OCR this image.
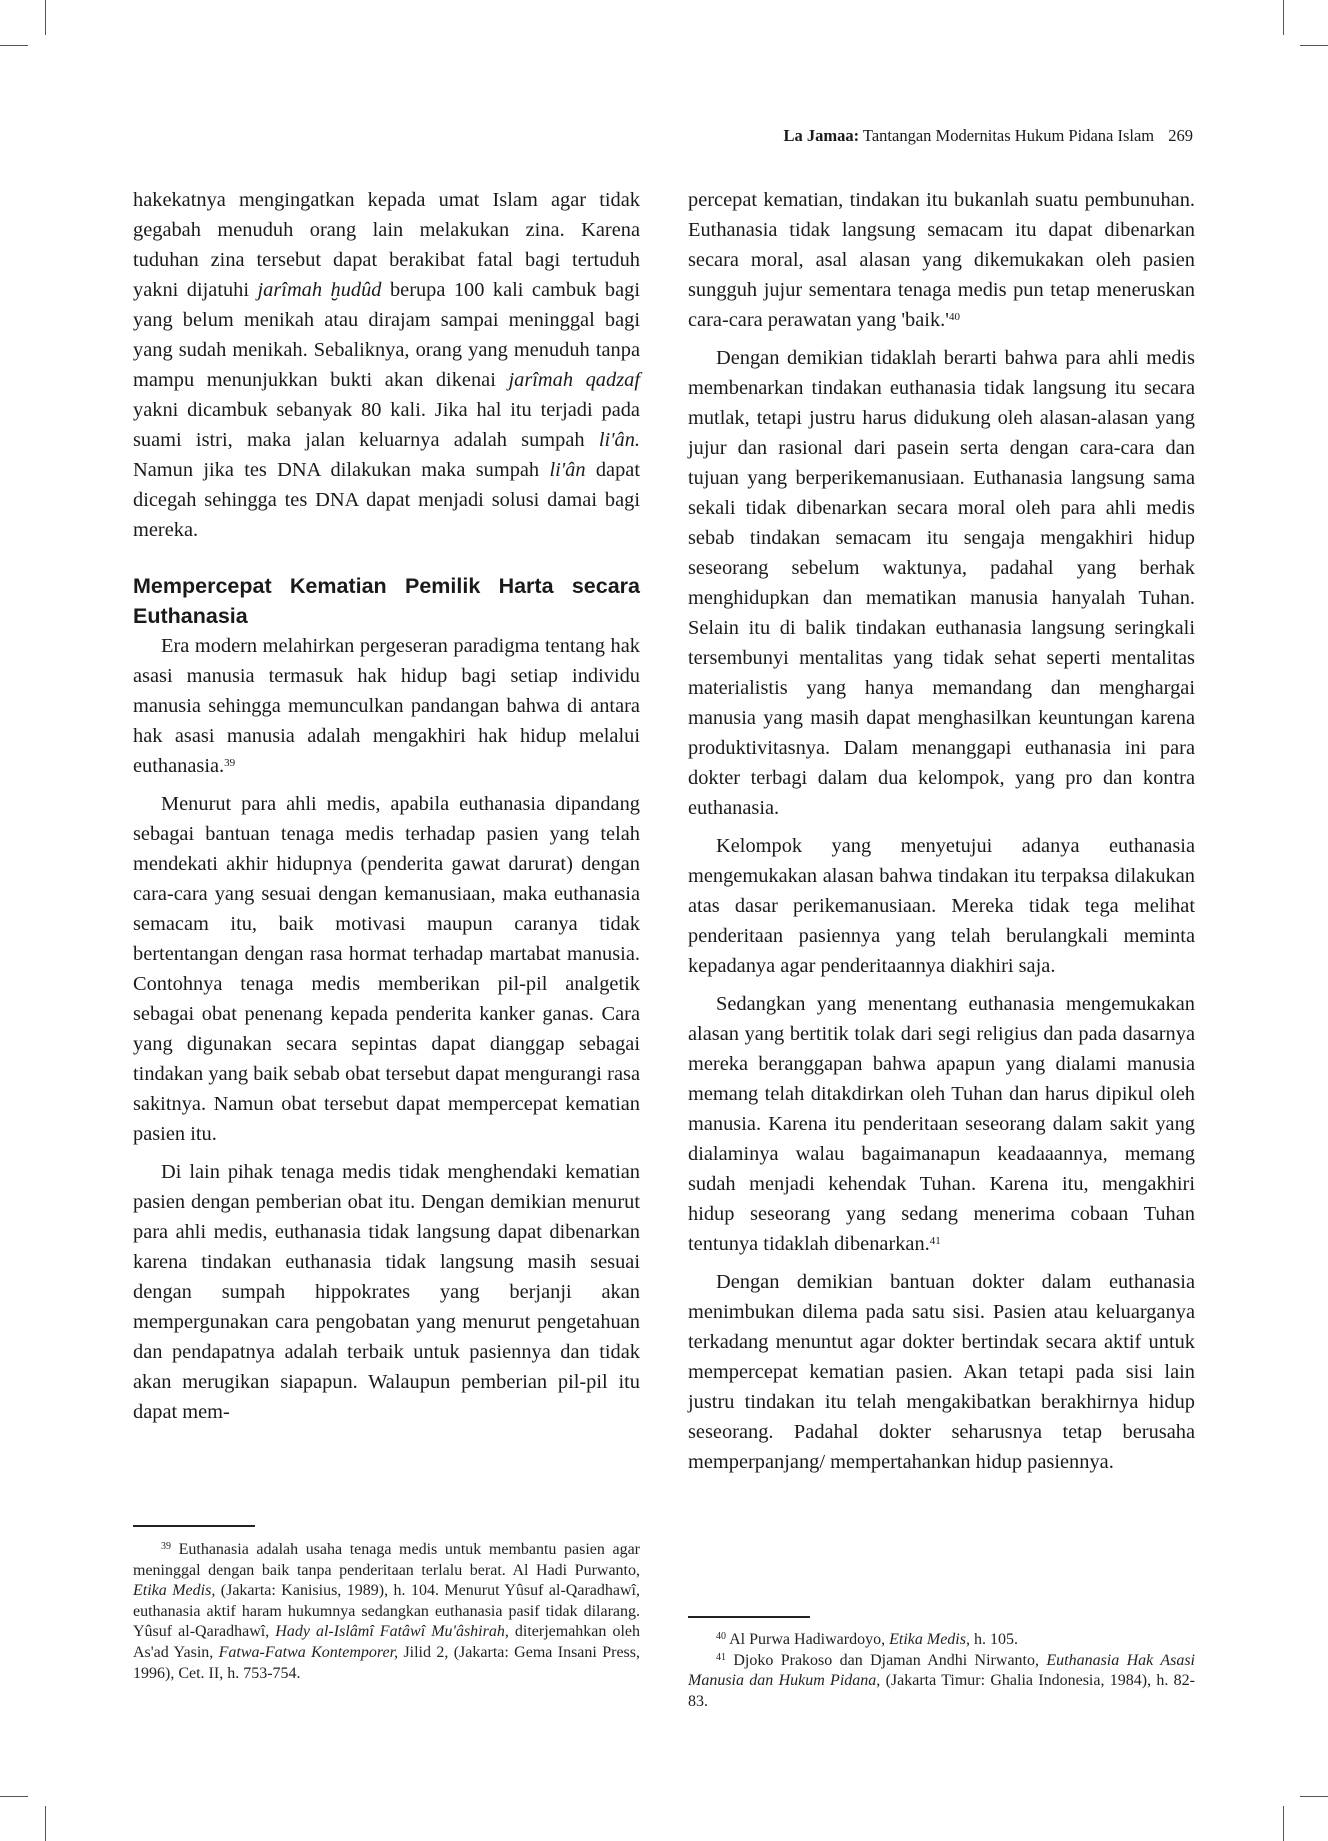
La Jamaa: Tantangan Modernitas Hukum Pidana Islam 269

hakekatnya mengingatkan kepada umat Islam agar tidak gegabah menuduh orang lain melakukan zina. Karena tuduhan zina tersebut dapat berakibat fatal bagi tertuduh yakni dijatuhi jarîmah ḫudûd berupa 100 kali cambuk bagi yang belum menikah atau dirajam sampai meninggal bagi yang sudah menikah. Sebaliknya, orang yang menuduh tanpa mampu menunjukkan bukti akan dikenai jarîmah qadzaf yakni dicambuk sebanyak 80 kali. Jika hal itu terjadi pada suami istri, maka jalan keluarnya adalah sumpah li'ân. Namun jika tes DNA dilakukan maka sumpah li'ân dapat dicegah sehingga tes DNA dapat menjadi solusi damai bagi mereka.

Mempercepat Kematian Pemilik Harta secara Euthanasia

Era modern melahirkan pergeseran paradigma tentang hak asasi manusia termasuk hak hidup bagi setiap individu manusia sehingga memunculkan pandangan bahwa di antara hak asasi manusia adalah mengakhiri hak hidup melalui euthanasia.$^{39}$

Menurut para ahli medis, apabila euthanasia dipandang sebagai bantuan tenaga medis terhadap pasien yang telah mendekati akhir hidupnya (penderita gawat darurat) dengan cara-cara yang sesuai dengan kemanusiaan, maka euthanasia semacam itu, baik motivasi maupun caranya tidak bertentangan dengan rasa hormat terhadap martabat manusia. Contohnya tenaga medis memberikan pil-pil analgetik sebagai obat penenang kepada penderita kanker ganas. Cara yang digunakan secara sepintas dapat dianggap sebagai tindakan yang baik sebab obat tersebut dapat mengurangi rasa sakitnya. Namun obat tersebut dapat mempercepat kematian pasien itu.

Di lain pihak tenaga medis tidak menghendaki kematian pasien dengan pemberian obat itu. Dengan demikian menurut para ahli medis, euthanasia tidak langsung dapat dibenarkan karena tindakan euthanasia tidak langsung masih sesuai dengan sumpah hippokrates yang berjanji akan mempergunakan cara pengobatan yang menurut pengetahuan dan pendapatnya adalah terbaik untuk pasiennya dan tidak akan merugikan siapapun. Walaupun pemberian pil-pil itu dapat mem-

$^{39}$ Euthanasia adalah usaha tenaga medis untuk membantu pasien agar meninggal dengan baik tanpa penderitaan terlalu berat. Al Hadi Purwanto, Etika Medis, (Jakarta: Kanisius, 1989), h. 104. Menurut Yûsuf al-Qaradhawî, euthanasia aktif haram hukumnya sedangkan euthanasia pasif tidak dilarang. Yûsuf al-Qaradhawî, Hady al-Islâmî Fatâwî Mu'âshirah, diterjemahkan oleh As'ad Yasin, Fatwa-Fatwa Kontemporer, Jilid 2, (Jakarta: Gema Insani Press, 1996), Cet. II, h. 753-754.

percepat kematian, tindakan itu bukanlah suatu pembunuhan. Euthanasia tidak langsung semacam itu dapat dibenarkan secara moral, asal alasan yang dikemukakan oleh pasien sungguh jujur sementara tenaga medis pun tetap meneruskan cara-cara perawatan yang '$baik.'^{40}$

Dengan demikian tidaklah berarti bahwa para ahli medis membenarkan tindakan euthanasia tidak langsung itu secara mutlak, tetapi justru harus didukung oleh alasan-alasan yang jujur dan rasional dari pasein serta dengan cara-cara dan tujuan yang berperikemanusiaan. Euthanasia langsung sama sekali tidak dibenarkan secara moral oleh para ahli medis sebab tindakan semacam itu sengaja mengakhiri hidup seseorang sebelum waktunya, padahal yang berhak menghidupkan dan mematikan manusia hanyalah Tuhan. Selain itu di balik tindakan euthanasia langsung seringkali tersembunyi mentalitas yang tidak sehat seperti mentalitas materialistis yang hanya memandang dan menghargai manusia yang masih dapat menghasilkan keuntungan karena produktivitasnya. Dalam menanggapi euthanasia ini para dokter terbagi dalam dua kelompok, yang pro dan kontra euthanasia.

Kelompok yang menyetujui adanya euthanasia mengemukakan alasan bahwa tindakan itu terpaksa dilakukan atas dasar perikemanusiaan. Mereka tidak tega melihat penderitaan pasiennya yang telah berulangkali meminta kepadanya agar penderitaannya diakhiri saja.

Sedangkan yang menentang euthanasia mengemukakan alasan yang bertitik tolak dari segi religius dan pada dasarnya mereka beranggapan bahwa apapun yang dialami manusia memang telah ditakdirkan oleh Tuhan dan harus dipikul oleh manusia. Karena itu penderitaan seseorang dalam sakit yang dialaminya walau bagaimanapun keadaaannya, memang sudah menjadi kehendak Tuhan. Karena itu, mengakhiri hidup seseorang yang sedang menerima cobaan Tuhan tentunya tidaklah dibenarkan.$^{41}$

Dengan demikian bantuan dokter dalam euthanasia menimbukan dilema pada satu sisi. Pasien atau keluarganya terkadang menuntut agar dokter bertindak secara aktif untuk mempercepat kematian pasien. Akan tetapi pada sisi lain justru tindakan itu telah mengakibatkan berakhirnya hidup seseorang. Padahal dokter seharusnya tetap berusaha memperpanjang/ mempertahankan hidup pasiennya.

$^{40}$ Al Purwa Hadiwardoyo, Etika Medis, h. 105.
$^{41}$ Djoko Prakoso dan Djaman Andhi Nirwanto, Euthanasia Hak Asasi Manusia dan Hukum Pidana, (Jakarta Timur: Ghalia Indonesia, 1984), h. 82-83.
